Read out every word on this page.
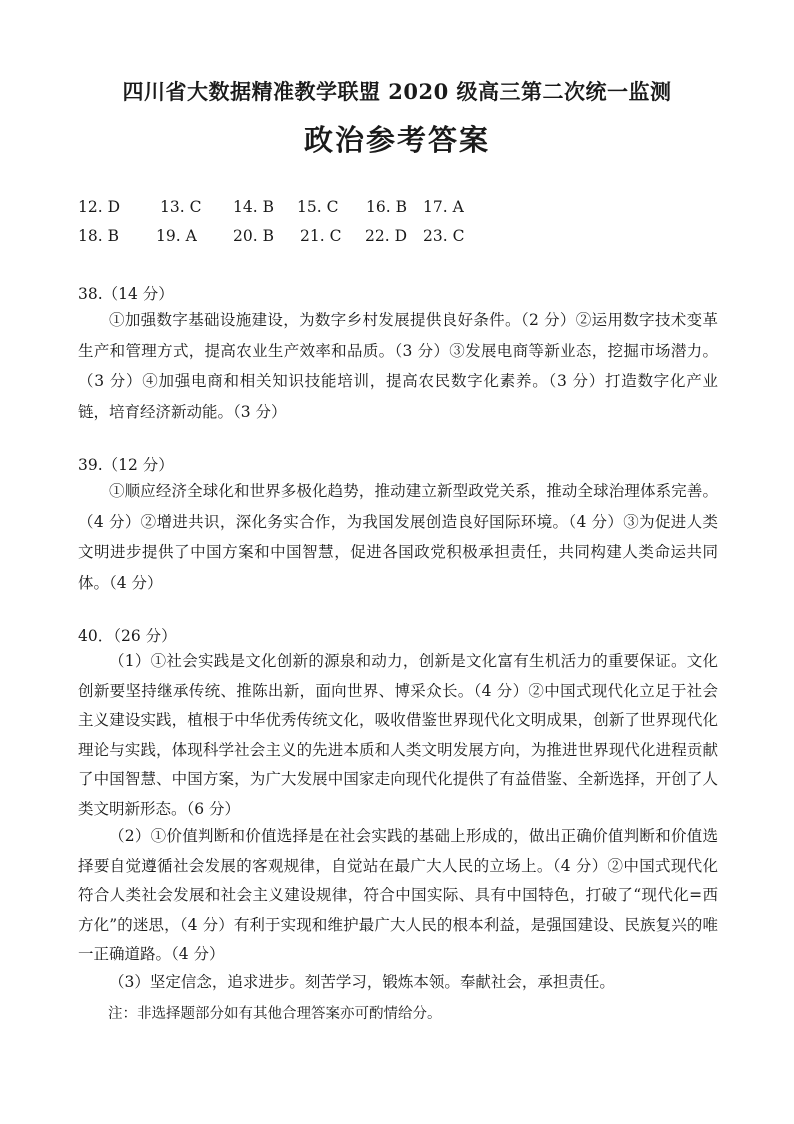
四川省大数据精准教学联盟 2020 级高三第二次统一监测
政治参考答案
12. D	13. C 14. B 15. C 16. B 17. A
18. B 19. A 20. B 21. C 22. D 23. C
38.（14 分）
①加强数字基础设施建设，为数字乡村发展提供良好条件。（2 分）②运用数字技术变革生产和管理方式，提高农业生产效率和品质。（3 分）③发展电商等新业态，挖掘市场潜力。（3 分）④加强电商和相关知识技能培训，提高农民数字化素养。（3 分）打造数字化产业链，培育经济新动能。（3 分）
39.（12 分）
①顺应经济全球化和世界多极化趋势，推动建立新型政党关系，推动全球治理体系完善。（4 分）②增进共识，深化务实合作，为我国发展创造良好国际环境。（4 分）③为促进人类文明进步提供了中国方案和中国智慧，促进各国政党积极承担责任，共同构建人类命运共同体。（4 分）
40．（26 分）
（1）①社会实践是文化创新的源泉和动力，创新是文化富有生机活力的重要保证。文化创新要坚持继承传统、推陈出新，面向世界、博采众长。（4 分）②中国式现代化立足于社会主义建设实践，植根于中华优秀传统文化，吸收借鉴世界现代化文明成果，创新了世界现代化理论与实践，体现科学社会主义的先进本质和人类文明发展方向，为推进世界现代化进程贡献了中国智慧、中国方案，为广大发展中国家走向现代化提供了有益借鉴、全新选择，开创了人类文明新形态。（6 分）
（2）①价值判断和价值选择是在社会实践的基础上形成的，做出正确价值判断和价值选择要自觉遵循社会发展的客观规律，自觉站在最广大人民的立场上。（4 分）②中国式现代化符合人类社会发展和社会主义建设规律，符合中国实际、具有中国特色，打破了“现代化=西方化”的迷思，（4 分）有利于实现和维护最广大人民的根本利益，是强国建设、民族复兴的唯一正确道路。（4 分）
（3）坚定信念，追求进步。刻苦学习，锻炼本领。奉献社会，承担责任。
注：非选择题部分如有其他合理答案亦可酌情给分。
